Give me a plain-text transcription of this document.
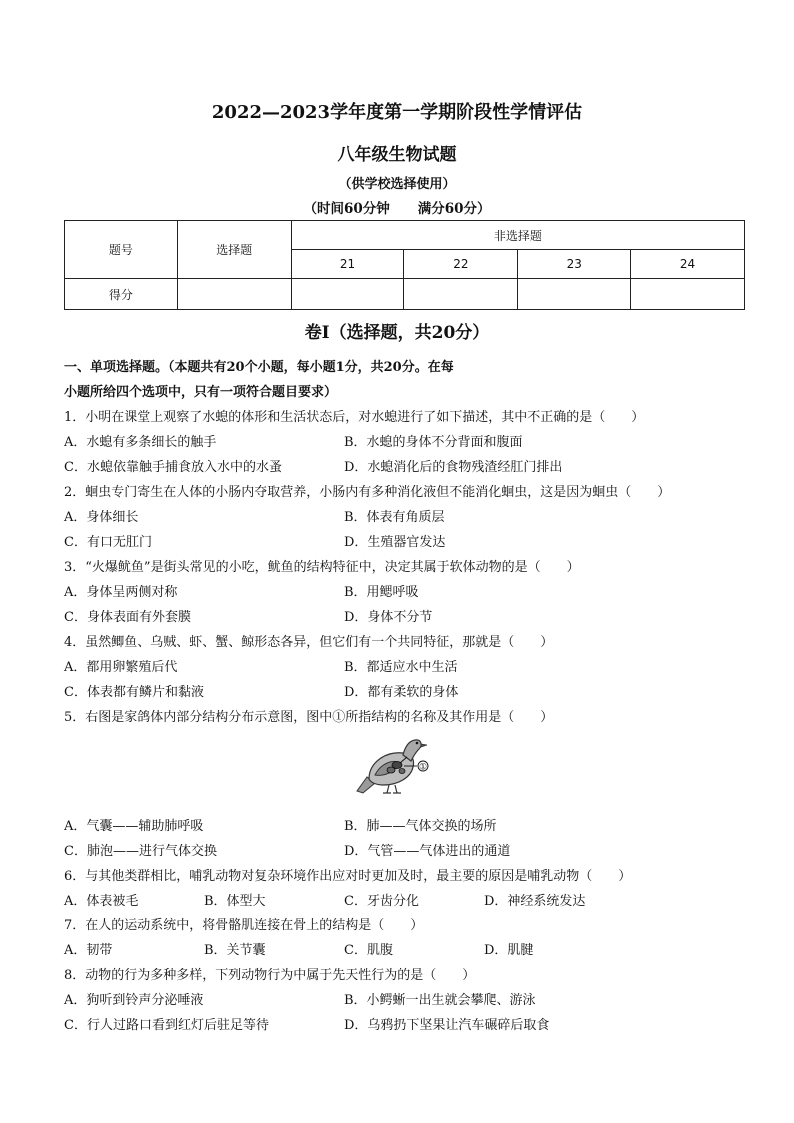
2022—2023学年度第一学期阶段性学情评估
八年级生物试题
（供学校选择使用）
（时间60分钟 满分60分）
题号	选择题	非选择题			
		21	22	23	24
得分					
卷Ⅰ（选择题，共20分）
一、单项选择题。（本题共有20个小题，每小题1分，共20分。在每
小题所给四个选项中，只有一项符合题目要求）
1．小明在课堂上观察了水螅的体形和生活状态后，对水螅进行了如下描述，其中不正确的是（　　）
A．水螅有多条细长的触手	B．水螅的身体不分背面和腹面
C．水螅依靠触手捕食放入水中的水蚤	D．水螅消化后的食物残渣经肛门排出
2．蛔虫专门寄生在人体的小肠内夺取营养，小肠内有多种消化液但不能消化蛔虫，这是因为蛔虫（　　）
A．身体细长	B．体表有角质层
C．有口无肛门	D．生殖器官发达
3．“火爆鱿鱼”是街头常见的小吃，鱿鱼的结构特征中，决定其属于软体动物的是（　　）
A．身体呈两侧对称	B．用鳃呼吸
C．身体表面有外套膜	D．身体不分节
4．虽然鲫鱼、乌贼、虾、蟹、鲸形态各异，但它们有一个共同特征，那就是（　　）
A．都用卵繁殖后代	B．都适应水中生活
C．体表都有鳞片和黏液	D．都有柔软的身体
5．右图是家鸽体内部分结构分布示意图，图中①所指结构的名称及其作用是（　　）
①
A．气囊——辅助肺呼吸	B．肺——气体交换的场所
C．肺泡——进行气体交换	D．气管——气体进出的通道
6．与其他类群相比，哺乳动物对复杂环境作出应对时更加及时，最主要的原因是哺乳动物（　　）
A．体表被毛	B．体型大	C．牙齿分化	D．神经系统发达
7．在人的运动系统中，将骨骼肌连接在骨上的结构是（　　）
A．韧带	B．关节囊	C．肌腹	D．肌腱
8．动物的行为多种多样，下列动物行为中属于先天性行为的是（　　）
A．狗听到铃声分泌唾液	B．小鳄蜥一出生就会攀爬、游泳
C．行人过路口看到红灯后驻足等待	D．乌鸦扔下坚果让汽车碾碎后取食
